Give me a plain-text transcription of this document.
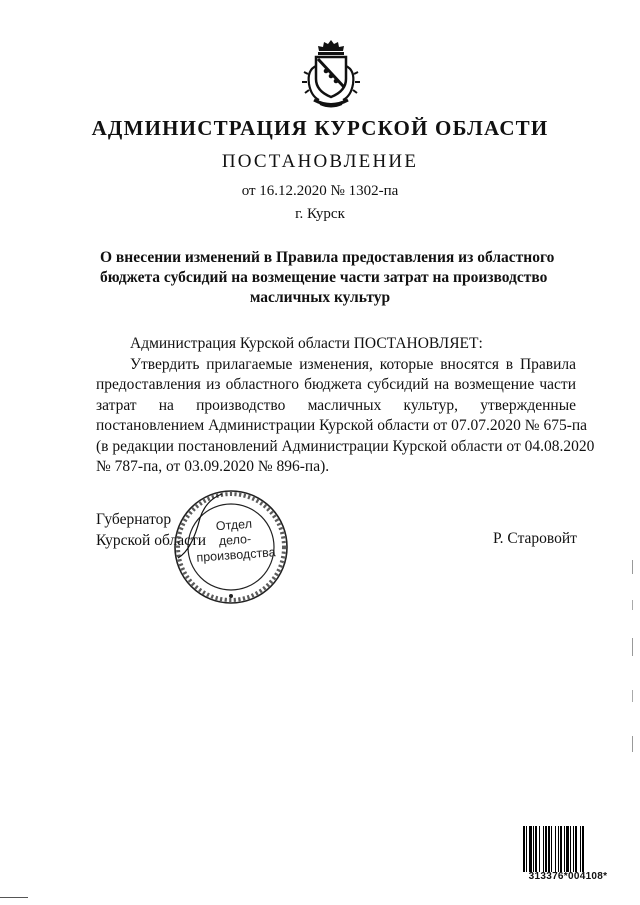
АДМИНИСТРАЦИЯ КУРСКОЙ ОБЛАСТИ
ПОСТАНОВЛЕНИЕ
от 16.12.2020 № 1302-па
г. Курск
О внесении изменений в Правила предоставления из областного
бюджета субсидий на возмещение части затрат на производство
масличных культур
Администрация Курской области ПОСТАНОВЛЯЕТ:
Утвердить прилагаемые изменения, которые вносятся в Правила
предоставления из областного бюджета субсидий на возмещение части
затрат на производство масличных культур, утвержденные
постановлением Администрации Курской области от 07.07.2020 № 675-па
(в редакции постановлений Администрации Курской области от 04.08.2020
№ 787-па, от 03.09.2020 № 896-па).
Губернатор
Курской области	Р. Старовойт
Отдел
дело-
производства
313376*004108*
